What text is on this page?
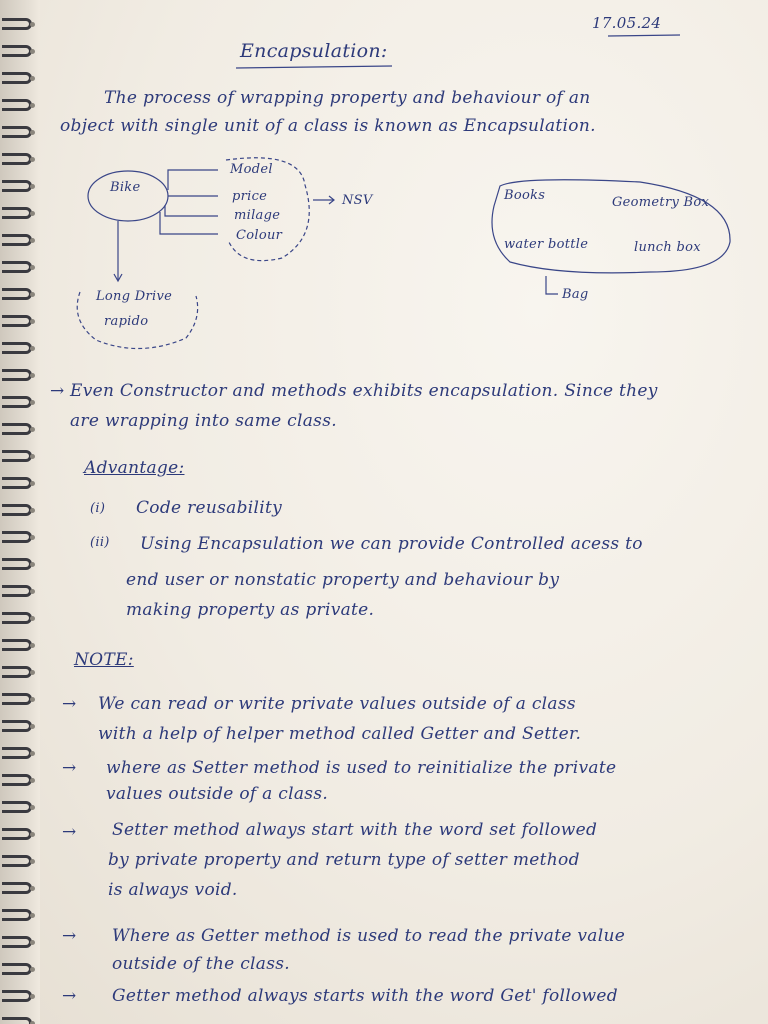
17.05.24
Encapsulation:
The process of wrapping property and behaviour of an
object with single unit of a class is known as Encapsulation.
Bike
Model
price
milage
Colour
NSV
Long Drive
rapido
Books	Geometry Box
water bottle	lunch box
Bag
→ Even Constructor and methods exhibits encapsulation. Since they
are wrapping into same class.
Advantage:
(i) Code reusability
(ii) Using Encapsulation we can provide Controlled acess to
end user or nonstatic property and behaviour by
making property as private.
NOTE:
→ We can read or write private values outside of a class
with a help of helper method called Getter and Setter.
→ where as Setter method is used to reinitialize the private
values outside of a class.
→ Setter method always start with the word set followed
by private property and return type of setter method
is always void.
→ Where as Getter method is used to read the private value
outside of the class.
→ Getter method always starts with the word Get' followed
